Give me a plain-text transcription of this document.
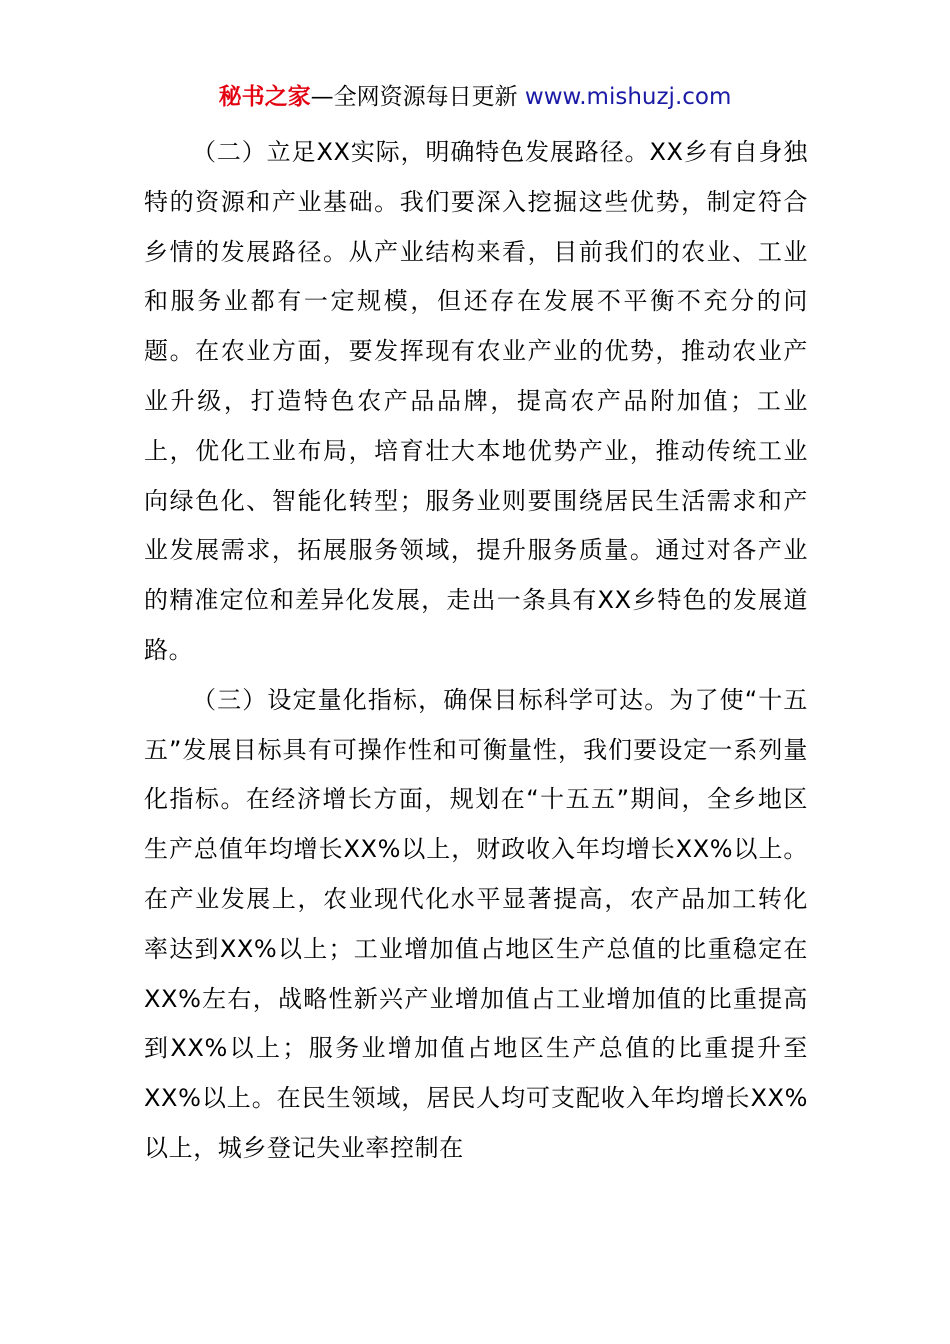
秘书之家—全网资源每日更新 www.mishuzj.com

（二）立足XX实际，明确特色发展路径。XX乡有自身独特的资源和产业基础。我们要深入挖掘这些优势，制定符合乡情的发展路径。从产业结构来看，目前我们的农业、工业和服务业都有一定规模，但还存在发展不平衡不充分的问题。在农业方面，要发挥现有农业产业的优势，推动农业产业升级，打造特色农产品品牌，提高农产品附加值；工业上，优化工业布局，培育壮大本地优势产业，推动传统工业向绿色化、智能化转型；服务业则要围绕居民生活需求和产业发展需求，拓展服务领域，提升服务质量。通过对各产业的精准定位和差异化发展，走出一条具有XX乡特色的发展道路。

（三）设定量化指标，确保目标科学可达。为了使“十五五”发展目标具有可操作性和可衡量性，我们要设定一系列量化指标。在经济增长方面，规划在“十五五”期间，全乡地区生产总值年均增长XX%以上，财政收入年均增长XX%以上。在产业发展上，农业现代化水平显著提高，农产品加工转化率达到XX%以上；工业增加值占地区生产总值的比重稳定在XX%左右，战略性新兴产业增加值占工业增加值的比重提高到XX%以上；服务业增加值占地区生产总值的比重提升至XX%以上。在民生领域，居民人均可支配收入年均增长XX%以上，城乡登记失业率控制在
